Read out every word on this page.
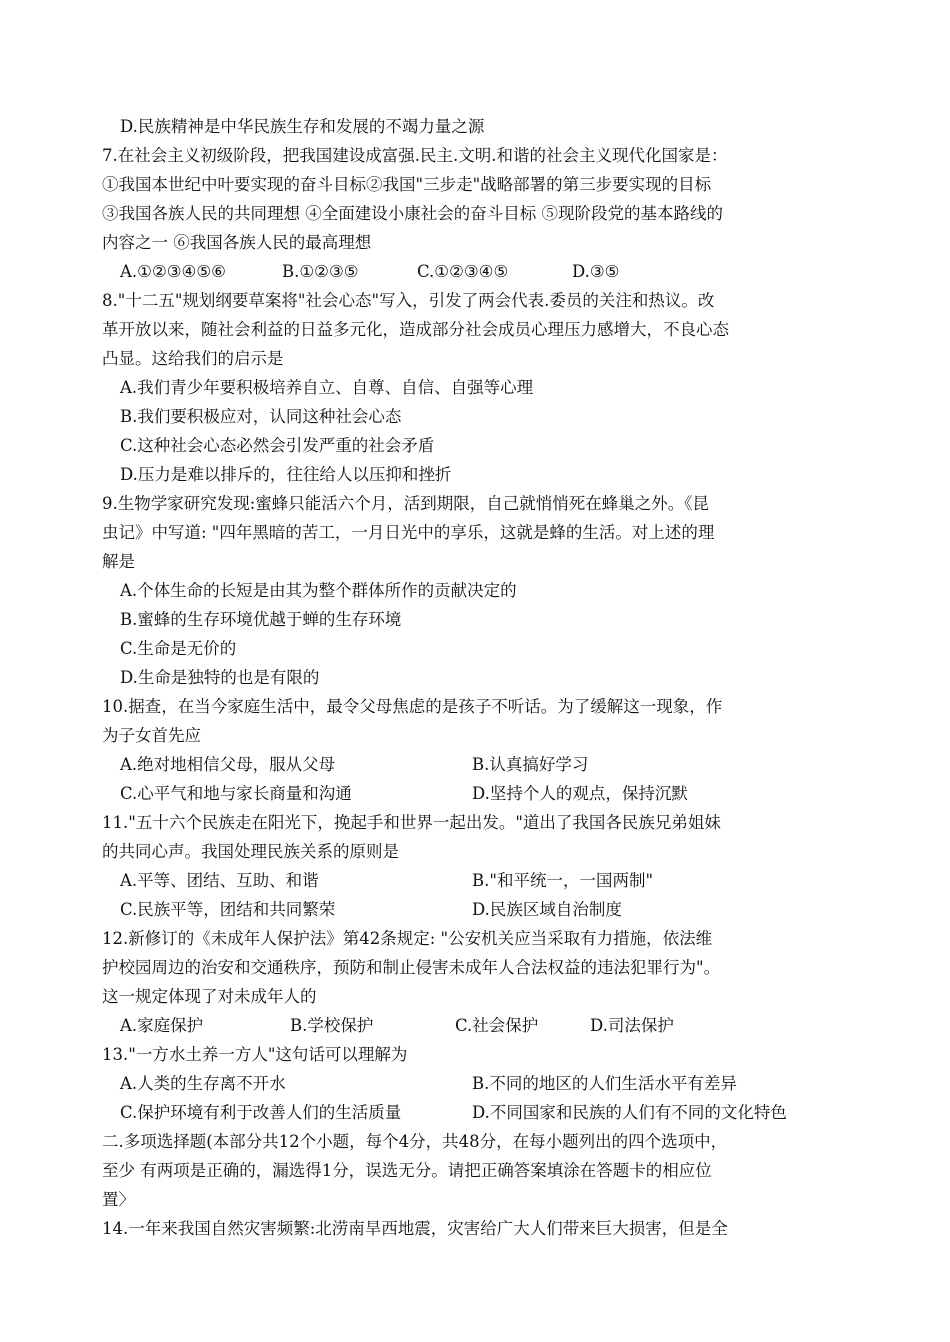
D.民族精神是中华民族生存和发展的不竭力量之源
7.在社会主义初级阶段，把我国建设成富强.民主.文明.和谐的社会主义现代化国家是：
①我国本世纪中叶要实现的奋斗目标②我国"三步走"战略部署的第三步要实现的目标
③我国各族人民的共同理想 ④全面建设小康社会的奋斗目标 ⑤现阶段党的基本路线的
内容之一 ⑥我国各族人民的最高理想
A.①②③④⑤⑥	B.①②③⑤	C.①②③④⑤	D.③⑤
8."十二五"规划纲要草案将"社会心态"写入，引发了两会代表.委员的关注和热议。改
革开放以来，随社会利益的日益多元化，造成部分社会成员心理压力感增大，不良心态
凸显。这给我们的启示是
A.我们青少年要积极培养自立、自尊、自信、自强等心理
B.我们要积极应对，认同这种社会心态
C.这种社会心态必然会引发严重的社会矛盾
D.压力是难以排斥的，往往给人以压抑和挫折
9.生物学家研究发现:蜜蜂只能活六个月，活到期限，自己就悄悄死在蜂巢之外。《昆
虫记》中写道: "四年黑暗的苦工，一月日光中的享乐，这就是蜂的生活。对上述的理
解是
A.个体生命的长短是由其为整个群体所作的贡献决定的
B.蜜蜂的生存环境优越于蝉的生存环境
C.生命是无价的
D.生命是独特的也是有限的
10.据查，在当今家庭生活中，最令父母焦虑的是孩子不听话。为了缓解这一现象，作
为子女首先应
A.绝对地相信父母，服从父母	B.认真搞好学习
C.心平气和地与家长商量和沟通	D.坚持个人的观点，保持沉默
11."五十六个民族走在阳光下，挽起手和世界一起出发。"道出了我国各民族兄弟姐妹
的共同心声。我国处理民族关系的原则是
A.平等、团结、互助、和谐	B."和平统一，一国两制"
C.民族平等，团结和共同繁荣	D.民族区域自治制度
12.新修订的《未成年人保护法》第42条规定: "公安机关应当采取有力措施，依法维
护校园周边的治安和交通秩序，预防和制止侵害未成年人合法权益的违法犯罪行为"。
这一规定体现了对未成年人的
A.家庭保护	B.学校保护	C.社会保护	D.司法保护
13."一方水土养一方人"这句话可以理解为
A.人类的生存离不开水	B.不同的地区的人们生活水平有差异
C.保护环境有利于改善人们的生活质量	D.不同国家和民族的人们有不同的文化特色
二.多项选择题(本部分共12个小题，每个4分，共48分，在每小题列出的四个选项中，
至少 有两项是正确的，漏选得1分，误选无分。请把正确答案填涂在答题卡的相应位
置〉
14.一年来我国自然灾害频繁:北涝南旱西地震，灾害给广大人们带来巨大损害，但是全
